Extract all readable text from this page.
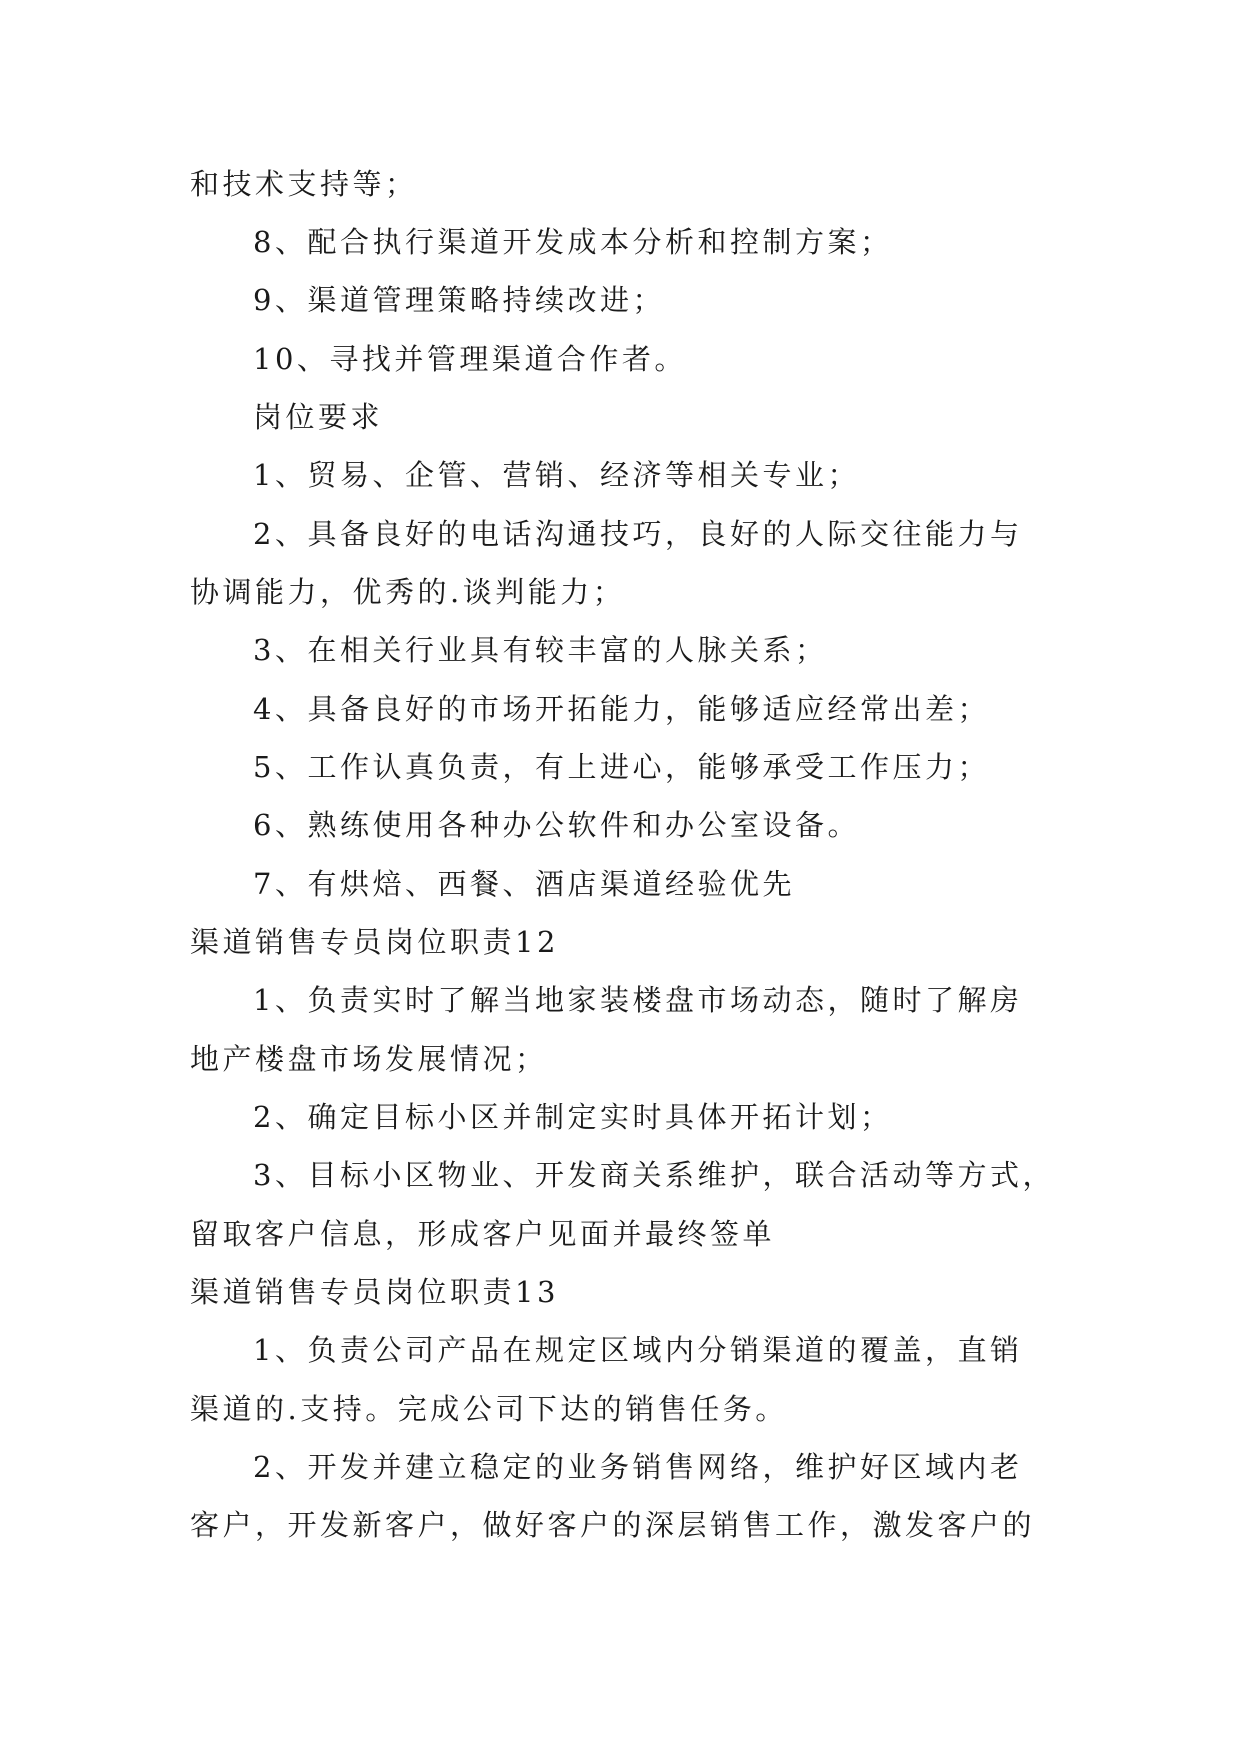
和技术支持等；
8、配合执行渠道开发成本分析和控制方案；
9、渠道管理策略持续改进；
10、寻找并管理渠道合作者。
岗位要求
1、贸易、企管、营销、经济等相关专业；
2、具备良好的电话沟通技巧，良好的人际交往能力与
协调能力，优秀的.谈判能力；
3、在相关行业具有较丰富的人脉关系；
4、具备良好的市场开拓能力，能够适应经常出差；
5、工作认真负责，有上进心，能够承受工作压力；
6、熟练使用各种办公软件和办公室设备。
7、有烘焙、西餐、酒店渠道经验优先
渠道销售专员岗位职责12
1、负责实时了解当地家装楼盘市场动态，随时了解房
地产楼盘市场发展情况；
2、确定目标小区并制定实时具体开拓计划；
3、目标小区物业、开发商关系维护，联合活动等方式，
留取客户信息，形成客户见面并最终签单
渠道销售专员岗位职责13
1、负责公司产品在规定区域内分销渠道的覆盖，直销
渠道的.支持。完成公司下达的销售任务。
2、开发并建立稳定的业务销售网络，维护好区域内老
客户，开发新客户，做好客户的深层销售工作，激发客户的
